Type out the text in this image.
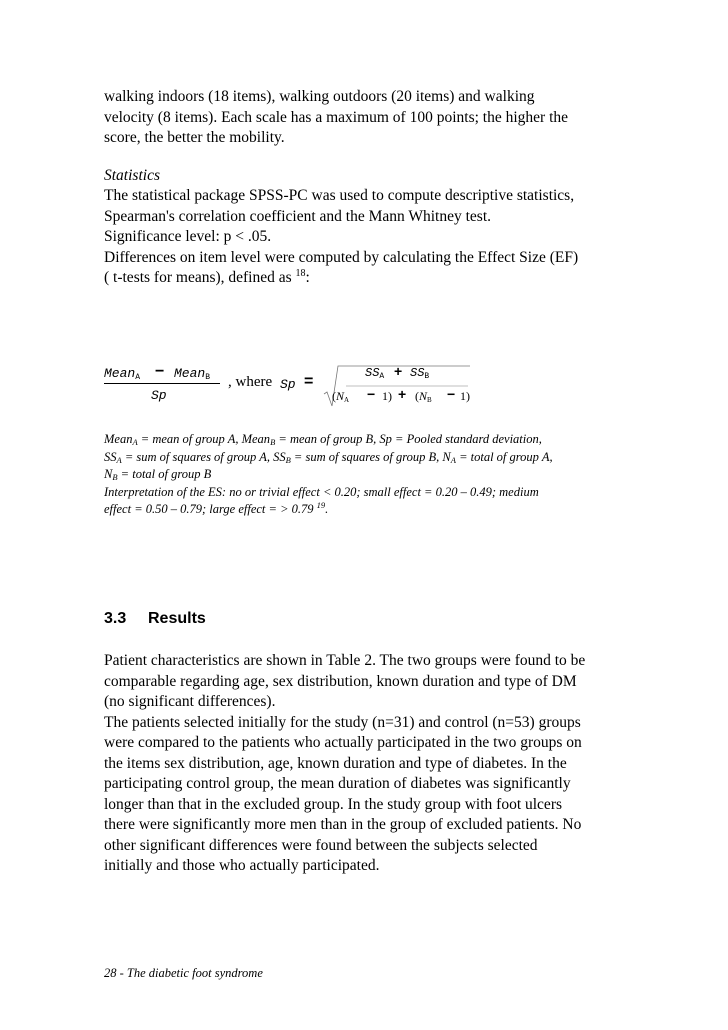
walking indoors (18 items), walking outdoors (20 items) and walking
velocity (8 items). Each scale has a maximum of 100 points; the higher the
score, the better the mobility.
Statistics
The statistical package SPSS-PC was used to compute descriptive statistics,
Spearman's correlation coefficient and the Mann Whitney test.
Significance level: p < .05.
Differences on item level were computed by calculating the Effect Size (EF)
( t-tests for means), defined as $^{18}$:
Mean$_A$ − Mean$_B$
Sp
, where Sp =	$SS_A + SS_B$
$(N_A - 1) + (N_B - 1)$
Mean$_A$ = mean of group A, Mean$_B$ = mean of group B, Sp = Pooled standard deviation,
$SS_A$ = sum of squares of group A, $SS_B$ = sum of squares of group B, $N_A$ = total of group A,
$N_B$ = total of group B
Interpretation of the ES: no or trivial effect < 0.20; small effect = 0.20 – 0.49; medium
effect = 0.50 – 0.79; large effect = > 0.79 $^{19}$.
3.3 Results
Patient characteristics are shown in Table 2. The two groups were found to be
comparable regarding age, sex distribution, known duration and type of DM
(no significant differences).
The patients selected initially for the study (n=31) and control (n=53) groups
were compared to the patients who actually participated in the two groups on
the items sex distribution, age, known duration and type of diabetes. In the
participating control group, the mean duration of diabetes was significantly
longer than that in the excluded group. In the study group with foot ulcers
there were significantly more men than in the group of excluded patients. No
other significant differences were found between the subjects selected
initially and those who actually participated.
28 - The diabetic foot syndrome
